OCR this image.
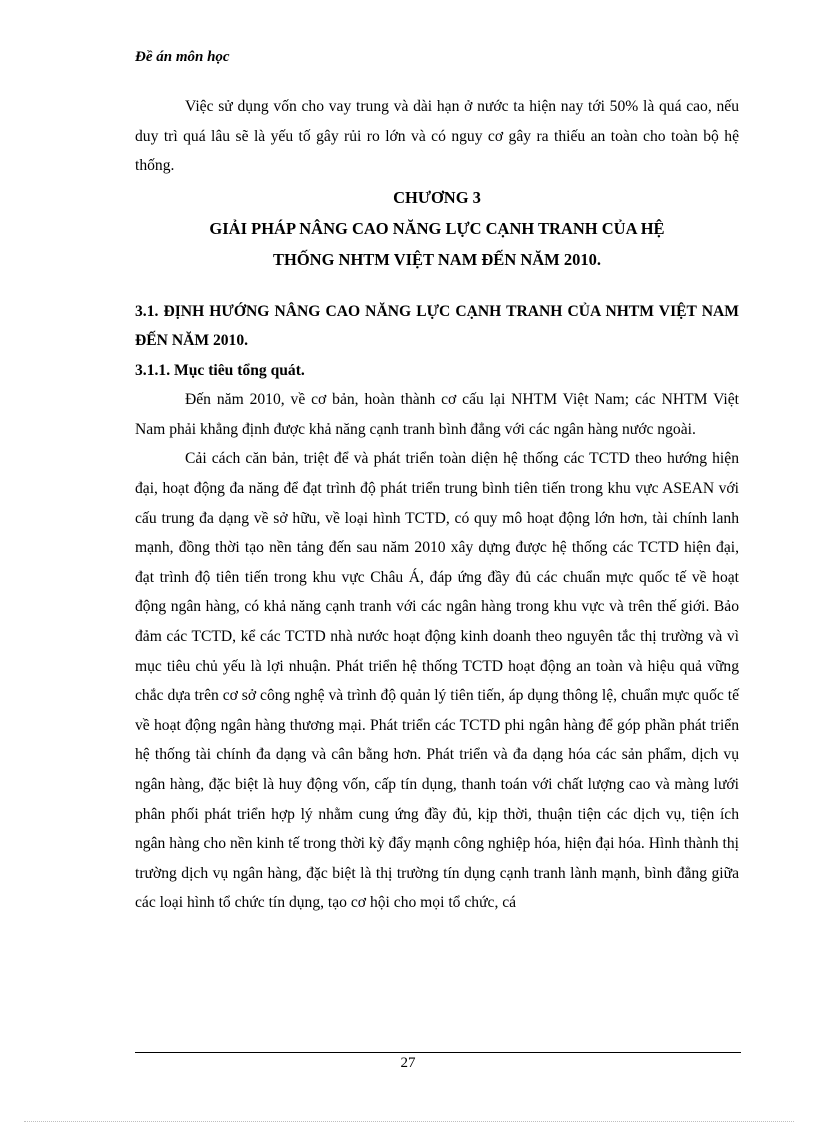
Đề án môn học

Việc sử dụng vốn cho vay trung và dài hạn ở nước ta hiện nay tới 50% là quá cao, nếu duy trì quá lâu sẽ là yếu tố gây rủi ro lớn và có nguy cơ gây ra thiếu an toàn cho toàn bộ hệ thống.

CHƯƠNG 3

GIẢI PHÁP NÂNG CAO NĂNG LỰC CẠNH TRANH CỦA HỆ

THỐNG NHTM VIỆT NAM ĐẾN NĂM 2010.

3.1. ĐỊNH HƯỚNG NÂNG CAO NĂNG LỰC CẠNH TRANH CỦA NHTM VIỆT NAM ĐẾN NĂM 2010.

3.1.1. Mục tiêu tổng quát.

Đến năm 2010, về cơ bản, hoàn thành cơ cấu lại NHTM Việt Nam; các NHTM Việt Nam phải khẳng định được khả năng cạnh tranh bình đẳng với các ngân hàng nước ngoài.

Cải cách căn bản, triệt để và phát triển toàn diện hệ thống các TCTD theo hướng hiện đại, hoạt động đa năng để đạt trình độ phát triển trung bình tiên tiến trong khu vực ASEAN với cấu trung đa dạng về sở hữu, về loại hình TCTD, có quy mô hoạt động lớn hơn, tài chính lanh mạnh, đồng thời tạo nền tảng đến sau năm 2010 xây dựng được hệ thống các TCTD hiện đại, đạt trình độ tiên tiến trong khu vực Châu Á, đáp ứng đầy đủ các chuẩn mực quốc tế về hoạt động ngân hàng, có khả năng cạnh tranh với các ngân hàng trong khu vực và trên thế giới. Bảo đảm các TCTD, kể các TCTD nhà nước hoạt động kinh doanh theo nguyên tắc thị trường và vì mục tiêu chủ yếu là lợi nhuận. Phát triển hệ thống TCTD hoạt động an toàn và hiệu quả vững chắc dựa trên cơ sở công nghệ và trình độ quản lý tiên tiến, áp dụng thông lệ, chuẩn mực quốc tế về hoạt động ngân hàng thương mại. Phát triển các TCTD phi ngân hàng để góp phần phát triển hệ thống tài chính đa dạng và cân bằng hơn. Phát triển và đa dạng hóa các sản phẩm, dịch vụ ngân hàng, đặc biệt là huy động vốn, cấp tín dụng, thanh toán với chất lượng cao và màng lưới phân phối phát triển hợp lý nhằm cung ứng đầy đủ, kịp thời, thuận tiện các dịch vụ, tiện ích ngân hàng cho nền kinh tế trong thời kỳ đẩy mạnh công nghiệp hóa, hiện đại hóa. Hình thành thị trường dịch vụ ngân hàng, đặc biệt là thị trường tín dụng cạnh tranh lành mạnh, bình đẳng giữa các loại hình tổ chức tín dụng, tạo cơ hội cho mọi tổ chức, cá

27
